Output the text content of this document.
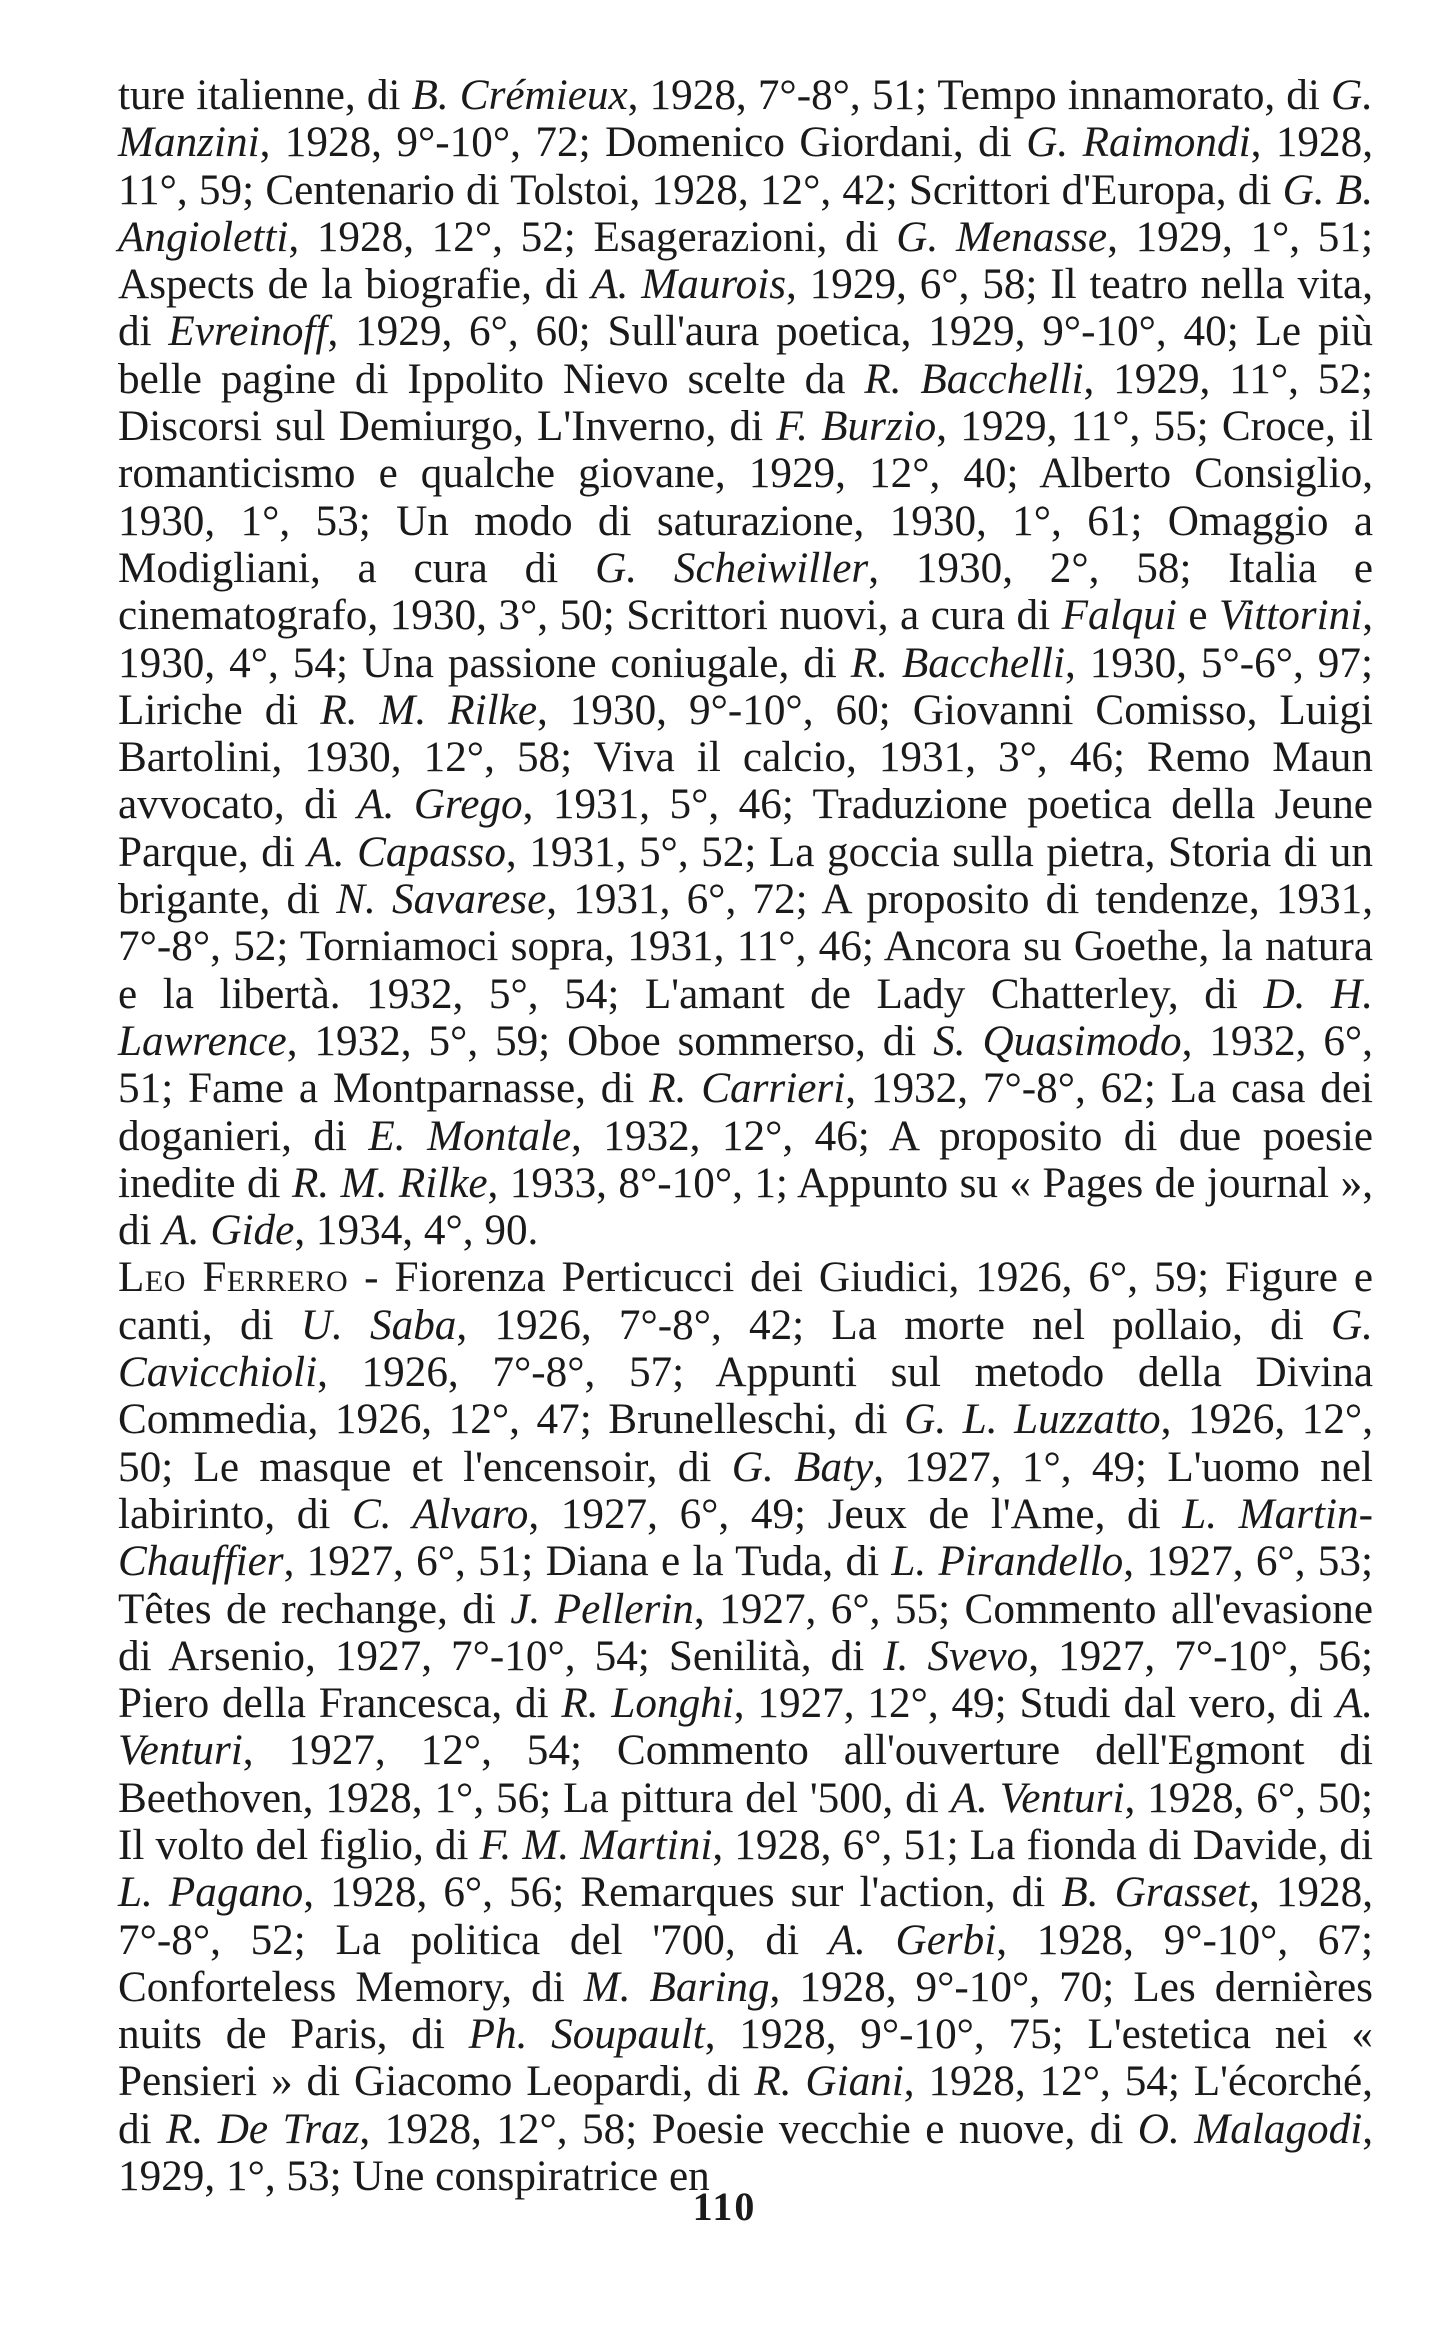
ture italienne, di B. Crémieux, 1928, 7°-8°, 51; Tempo innamorato, di G. Manzini, 1928, 9°-10°, 72; Domenico Giordani, di G. Raimondi, 1928, 11°, 59; Centenario di Tolstoi, 1928, 12°, 42; Scrittori d'Europa, di G. B. Angioletti, 1928, 12°, 52; Esagerazioni, di G. Menasse, 1929, 1°, 51; Aspects de la biografie, di A. Maurois, 1929, 6°, 58; Il teatro nella vita, di Evreinoff, 1929, 6°, 60; Sull'aura poetica, 1929, 9°-10°, 40; Le più belle pagine di Ippolito Nievo scelte da R. Bacchelli, 1929, 11°, 52; Discorsi sul Demiurgo, L'Inverno, di F. Burzio, 1929, 11°, 55; Croce, il romanticismo e qualche giovane, 1929, 12°, 40; Alberto Consiglio, 1930, 1°, 53; Un modo di saturazione, 1930, 1°, 61; Omaggio a Modigliani, a cura di G. Scheiwiller, 1930, 2°, 58; Italia e cinematografo, 1930, 3°, 50; Scrittori nuovi, a cura di Falqui e Vittorini, 1930, 4°, 54; Una passione coniugale, di R. Bacchelli, 1930, 5°-6°, 97; Liriche di R. M. Rilke, 1930, 9°-10°, 60; Giovanni Comisso, Luigi Bartolini, 1930, 12°, 58; Viva il calcio, 1931, 3°, 46; Remo Maun avvocato, di A. Grego, 1931, 5°, 46; Traduzione poetica della Jeune Parque, di A. Capasso, 1931, 5°, 52; La goccia sulla pietra, Storia di un brigante, di N. Savarese, 1931, 6°, 72; A proposito di tendenze, 1931, 7°-8°, 52; Torniamoci sopra, 1931, 11°, 46; Ancora su Goethe, la natura e la libertà. 1932, 5°, 54; L'amant de Lady Chatterley, di D. H. Lawrence, 1932, 5°, 59; Oboe sommerso, di S. Quasimodo, 1932, 6°, 51; Fame a Montparnasse, di R. Carrieri, 1932, 7°-8°, 62; La casa dei doganieri, di E. Montale, 1932, 12°, 46; A proposito di due poesie inedite di R. M. Rilke, 1933, 8°-10°, 1; Appunto su « Pages de journal », di A. Gide, 1934, 4°, 90.

Leo Ferrero - Fiorenza Perticucci dei Giudici, 1926, 6°, 59; Figure e canti, di U. Saba, 1926, 7°-8°, 42; La morte nel pollaio, di G. Cavicchioli, 1926, 7°-8°, 57; Appunti sul metodo della Divina Commedia, 1926, 12°, 47; Brunelleschi, di G. L. Luzzatto, 1926, 12°, 50; Le masque et l'encensoir, di G. Baty, 1927, 1°, 49; L'uomo nel labirinto, di C. Alvaro, 1927, 6°, 49; Jeux de l'Ame, di L. Martin-Chauffier, 1927, 6°, 51; Diana e la Tuda, di L. Pirandello, 1927, 6°, 53; Têtes de rechange, di J. Pellerin, 1927, 6°, 55; Commento all'evasione di Arsenio, 1927, 7°-10°, 54; Senilità, di I. Svevo, 1927, 7°-10°, 56; Piero della Francesca, di R. Longhi, 1927, 12°, 49; Studi dal vero, di A. Venturi, 1927, 12°, 54; Commento all'ouverture dell'Egmont di Beethoven, 1928, 1°, 56; La pittura del '500, di A. Venturi, 1928, 6°, 50; Il volto del figlio, di F. M. Martini, 1928, 6°, 51; La fionda di Davide, di L. Pagano, 1928, 6°, 56; Remarques sur l'action, di B. Grasset, 1928, 7°-8°, 52; La politica del '700, di A. Gerbi, 1928, 9°-10°, 67; Conforteless Memory, di M. Baring, 1928, 9°-10°, 70; Les dernières nuits de Paris, di Ph. Soupault, 1928, 9°-10°, 75; L'estetica nei « Pensieri » di Giacomo Leopardi, di R. Giani, 1928, 12°, 54; L'écorché, di R. De Traz, 1928, 12°, 58; Poesie vecchie e nuove, di O. Malagodi, 1929, 1°, 53; Une conspiratrice en

110
